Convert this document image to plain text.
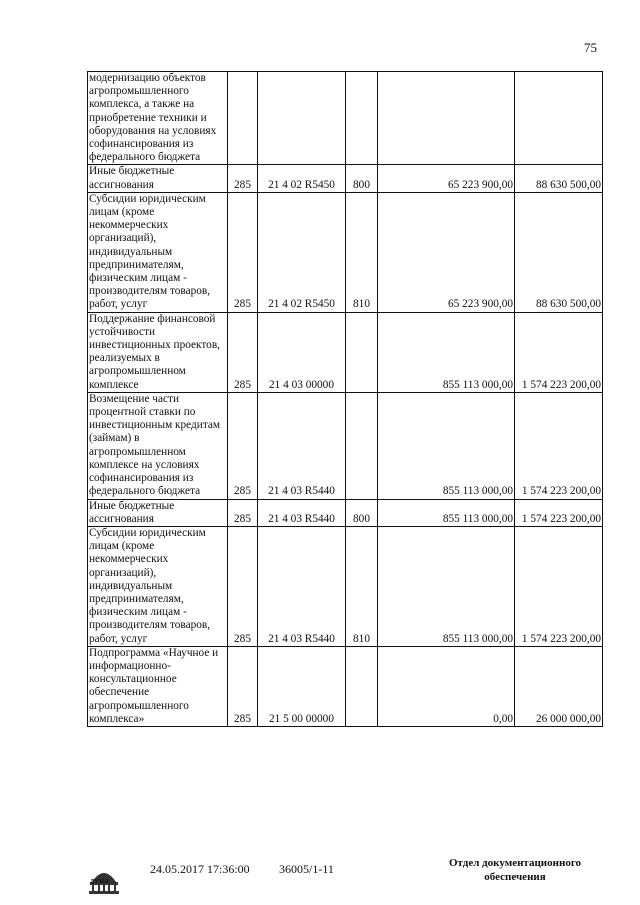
75
модернизацию объектов агропромышленного комплекса, а также на приобретение техники и оборудования на условиях софинансирования из федерального бюджета					
Иные бюджетные ассигнования	285	21 4 02 R5450	800	65 223 900,00	88 630 500,00
Субсидии юридическим лицам (кроме некоммерческих организаций), индивидуальным предпринимателям, физическим лицам - производителям товаров, работ, услуг	285	21 4 02 R5450	810	65 223 900,00	88 630 500,00
Поддержание финансовой устойчивости инвестиционных проектов, реализуемых в агропромышленном комплексе	285	21 4 03 00000		855 113 000,00	1 574 223 200,00
Возмещение части процентной ставки по инвестиционным кредитам (займам) в агропромышленном комплексе на условиях софинансирования из федерального бюджета	285	21 4 03 R5440		855 113 000,00	1 574 223 200,00
Иные бюджетные ассигнования	285	21 4 03 R5440	800	855 113 000,00	1 574 223 200,00
Субсидии юридическим лицам (кроме некоммерческих организаций), индивидуальным предпринимателям, физическим лицам - производителям товаров, работ, услуг	285	21 4 03 R5440	810	855 113 000,00	1 574 223 200,00
Подпрограмма «Научное и информационно-консультационное обеспечение агропромышленного комплекса»	285	21 5 00 00000		0,00	26 000 000,00
ДУМА
24.05.2017 17:36:00 36005/1-11	Отдел документационного
обеспечения
